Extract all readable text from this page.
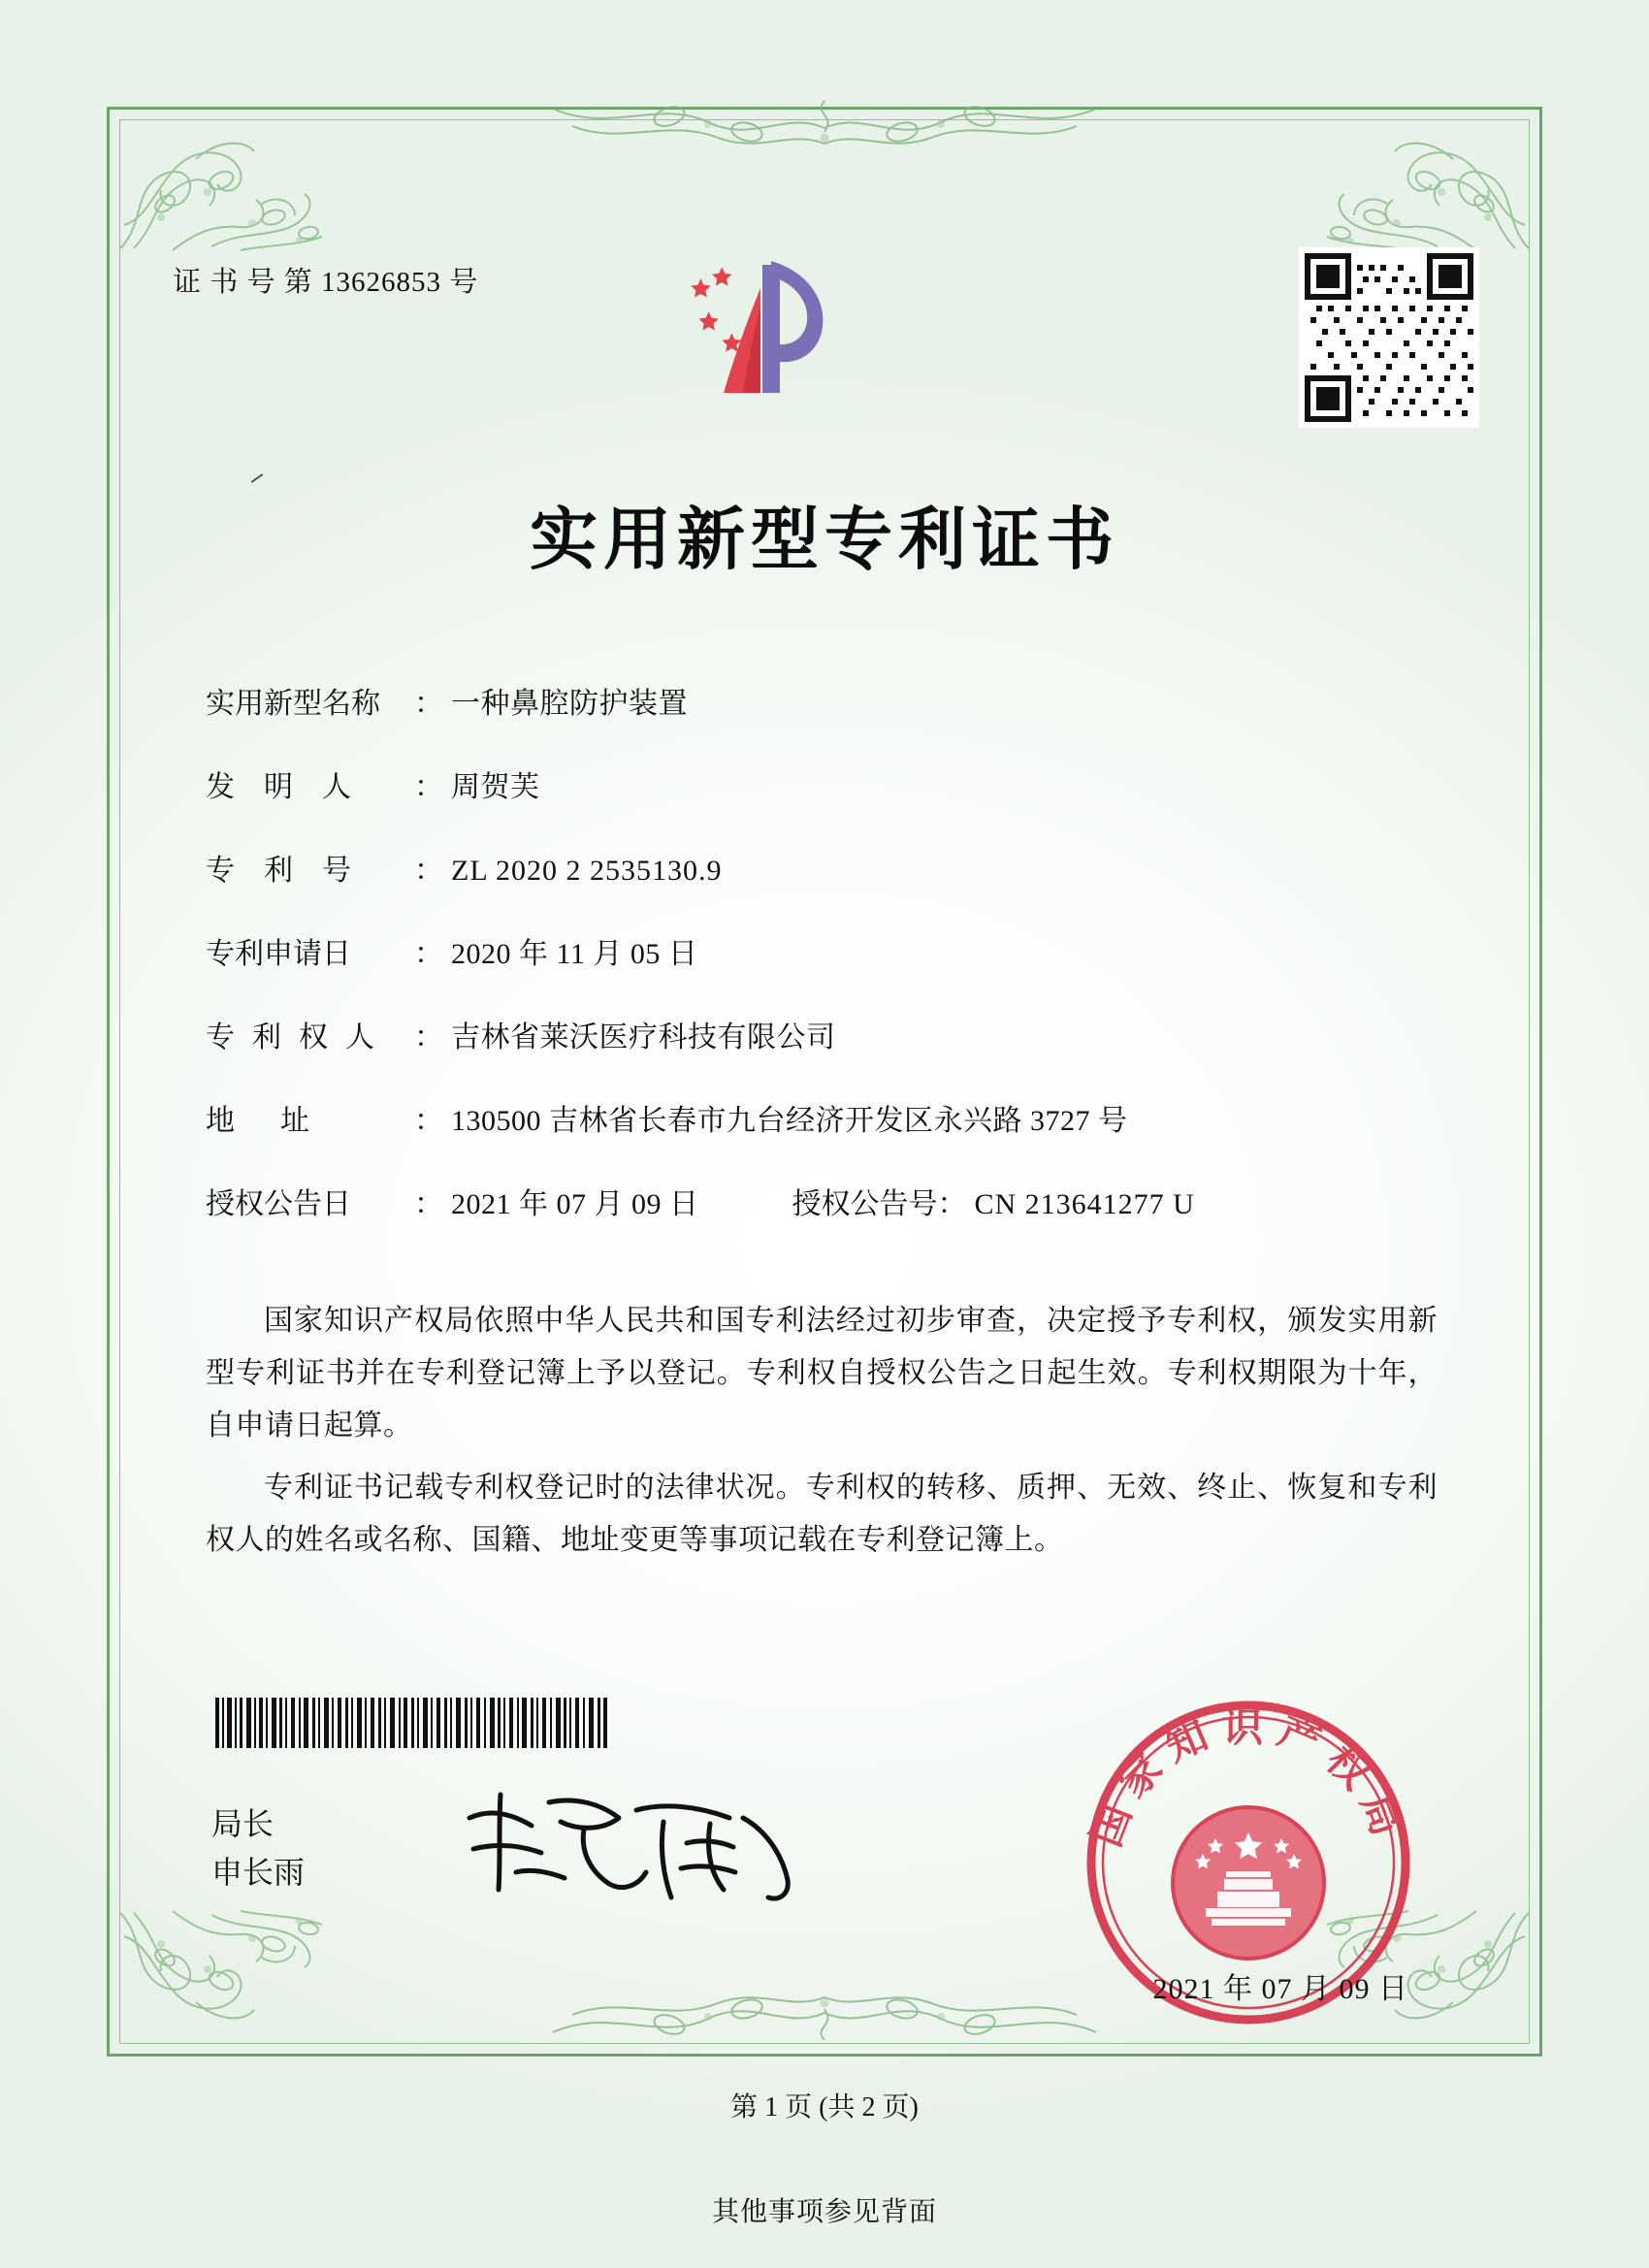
证 书 号 第 13626853 号
实用新型专利证书
实用新型名称	： 一种鼻腔防护装置
发明人	： 周贺芙
专利号	： ZL 2020 2 2535130.9
专利申请日	： 2020 年 11 月 05 日
专利权人 ： 吉林省莱沃医疗科技有限公司
地址	： 130500 吉林省长春市九台经济开发区永兴路 3727 号
授权公告日	： 2021 年 07 月 09 日	授权公告号 ： CN 213641277 U

国家知识产权局依照中华人民共和国专利法经过初步审查，决定授予专利权，颁发实用新型专利证书并在专利登记簿上予以登记。专利权自授权公告之日起生效。专利权期限为十年，自申请日起算。

专利证书记载专利权登记时的法律状况。专利权的转移、质押、无效、终止、恢复和专利权人的姓名或名称、国籍、地址变更等事项记载在专利登记簿上。

局长
申长雨
国家知识产权局
2021 年 07 月 09 日
第 1 页 (共 2 页)
其他事项参见背面
